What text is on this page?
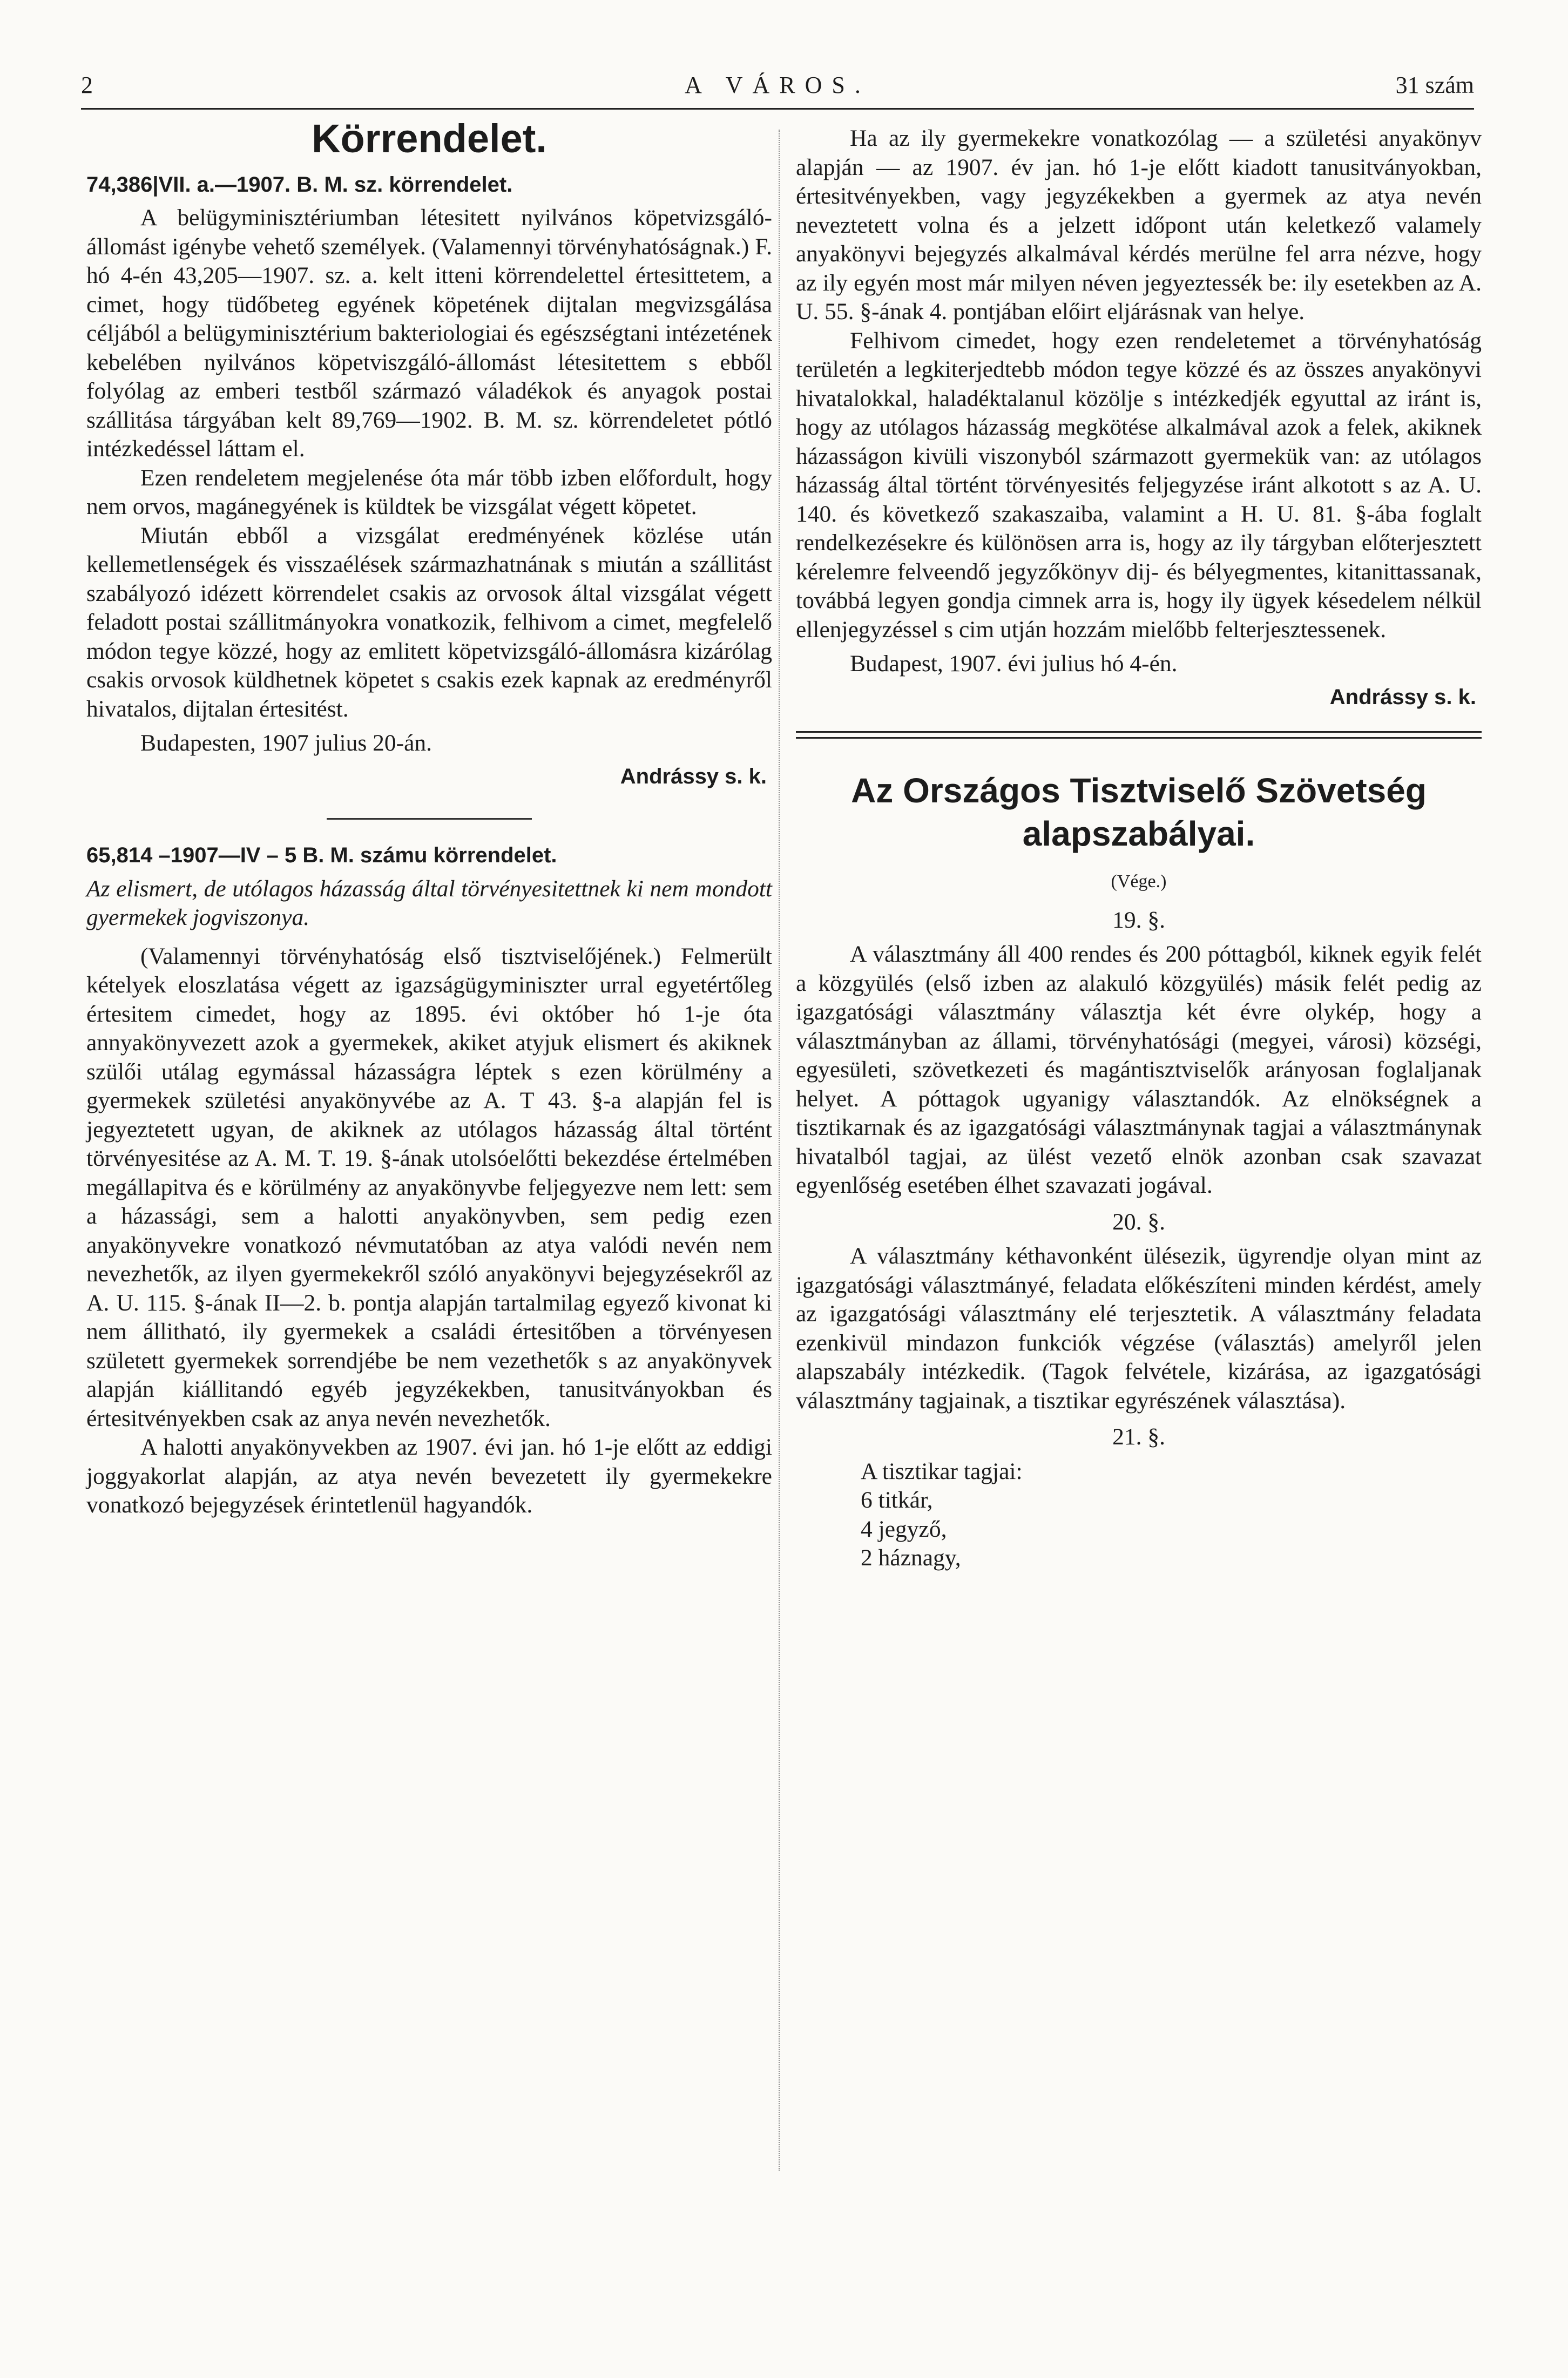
2	A VÁROS.	31 szám
Körrendelet.
74,386|VII. a.—1907. B. M. sz. körrendelet.

A belügyminisztériumban létesitett nyilvános köpetvizsgáló-állomást igénybe vehető személyek. (Valamennyi törvényhatóságnak.) F. hó 4-én 43,205—1907. sz. a. kelt itteni körrendelettel értesittetem, a cimet, hogy tüdőbeteg egyének köpetének dijtalan megvizsgálása céljából a belügyminisztérium bakteriologiai és egészségtani intézetének kebelében nyilvános köpetviszgáló-állomást létesitettem s ebből folyólag az emberi testből származó váladékok és anyagok postai szállitása tárgyában kelt 89,769—1902. B. M. sz. körrendeletet pótló intézkedéssel láttam el.

Ezen rendeletem megjelenése óta már több izben előfordult, hogy nem orvos, magánegyének is küldtek be vizsgálat végett köpetet.

Miután ebből a vizsgálat eredményének közlése után kellemetlenségek és visszaélések származhatnának s miután a szállitást szabályozó idézett körrendelet csakis az orvosok által vizsgálat végett feladott postai szállitmányokra vonatkozik, felhivom a cimet, megfelelő módon tegye közzé, hogy az emlitett köpetvizsgáló-állomásra kizárólag csakis orvosok küldhetnek köpetet s csakis ezek kapnak az eredményről hivatalos, dijtalan értesitést.

Budapesten, 1907 julius 20-án.
Andrássy s. k.
65,814 –1907—IV – 5 B. M. számu körrendelet.

Az elismert, de utólagos házasság által törvényesitettnek ki nem mondott gyermekek jogviszonya.

(Valamennyi törvényhatóság első tisztviselőjének.) Felmerült kételyek eloszlatása végett az igazságügyminiszter urral egyetértőleg értesitem cimedet, hogy az 1895. évi október hó 1-je óta annyakönyvezett azok a gyermekek, akiket atyjuk elismert és akiknek szülői utálag egymással házasságra léptek s ezen körülmény a gyermekek születési anyakönyvébe az A. T 43. §-a alapján fel is jegyeztetett ugyan, de akiknek az utólagos házasság által történt törvényesitése az A. M. T. 19. §-ának utolsóelőtti bekezdése értelmében megállapitva és e körülmény az anyakönyvbe feljegyezve nem lett: sem a házassági, sem a halotti anyakönyvben, sem pedig ezen anyakönyvekre vonatkozó névmutatóban az atya valódi nevén nem nevezhetők, az ilyen gyermekekről szóló anyakönyvi bejegyzésekről az A. U. 115. §-ának II—2. b. pontja alapján tartalmilag egyező kivonat ki nem állitható, ily gyermekek a családi értesitőben a törvényesen született gyermekek sorrendjébe be nem vezethetők s az anyakönyvek alapján kiállitandó egyéb jegyzékekben, tanusitványokban és értesitvényekben csak az anya nevén nevezhetők.

A halotti anyakönyvekben az 1907. évi jan. hó 1-je előtt az eddigi joggyakorlat alapján, az atya nevén bevezetett ily gyermekekre vonatkozó bejegyzések érintetlenül hagyandók.

Ha az ily gyermekekre vonatkozólag — a születési anyakönyv alapján — az 1907. év jan. hó 1-je előtt kiadott tanusitványokban, értesitvényekben, vagy jegyzékekben a gyermek az atya nevén neveztetett volna és a jelzett időpont után keletkező valamely anyakönyvi bejegyzés alkalmával kérdés merülne fel arra nézve, hogy az ily egyén most már milyen néven jegyeztessék be: ily esetekben az A. U. 55. §-ának 4. pontjában előirt eljárásnak van helye.

Felhivom cimedet, hogy ezen rendeletemet a törvényhatóság területén a legkiterjedtebb módon tegye közzé és az összes anyakönyvi hivatalokkal, haladéktalanul közölje s intézkedjék egyuttal az iránt is, hogy az utólagos házasság megkötése alkalmával azok a felek, akiknek házasságon kivüli viszonyból származott gyermekük van: az utólagos házasság által történt törvényesités feljegyzése iránt alkotott s az A. U. 140. és következő szakaszaiba, valamint a H. U. 81. §-ába foglalt rendelkezésekre és különösen arra is, hogy az ily tárgyban előterjesztett kérelemre felveendő jegyzőkönyv dij- és bélyegmentes, kitanittassanak, továbbá legyen gondja cimnek arra is, hogy ily ügyek késedelem nélkül ellenjegyzéssel s cim utján hozzám mielőbb felterjesztessenek.

Budapest, 1907. évi julius hó 4-én.
Andrássy s. k.
Az Országos Tisztviselő Szövetség alapszabályai.
(Vége.)
19. §.

A választmány áll 400 rendes és 200 póttagból, kiknek egyik felét a közgyülés (első izben az alakuló közgyülés) másik felét pedig az igazgatósági választmány választja két évre olykép, hogy a választmányban az állami, törvényhatósági (megyei, városi) községi, egyesületi, szövetkezeti és magántisztviselők arányosan foglaljanak helyet. A póttagok ugyanigy választandók. Az elnökségnek a tisztikarnak és az igazgatósági választmánynak tagjai a választmánynak hivatalból tagjai, az ülést vezető elnök azonban csak szavazat egyenlőség esetében élhet szavazati jogával.

20. §.

A választmány kéthavonként ülésezik, ügyrendje olyan mint az igazgatósági választmányé, feladata előkészíteni minden kérdést, amely az igazgatósági választmány elé terjesztetik. A választmány feladata ezenkivül mindazon funkciók végzése (választás) amelyről jelen alapszabály intézkedik. (Tagok felvétele, kizárása, az igazgatósági választmány tagjainak, a tisztikar egyrészének választása).

21. §.
A tisztikar tagjai:
6 titkár,
4 jegyző,
2 háznagy,
